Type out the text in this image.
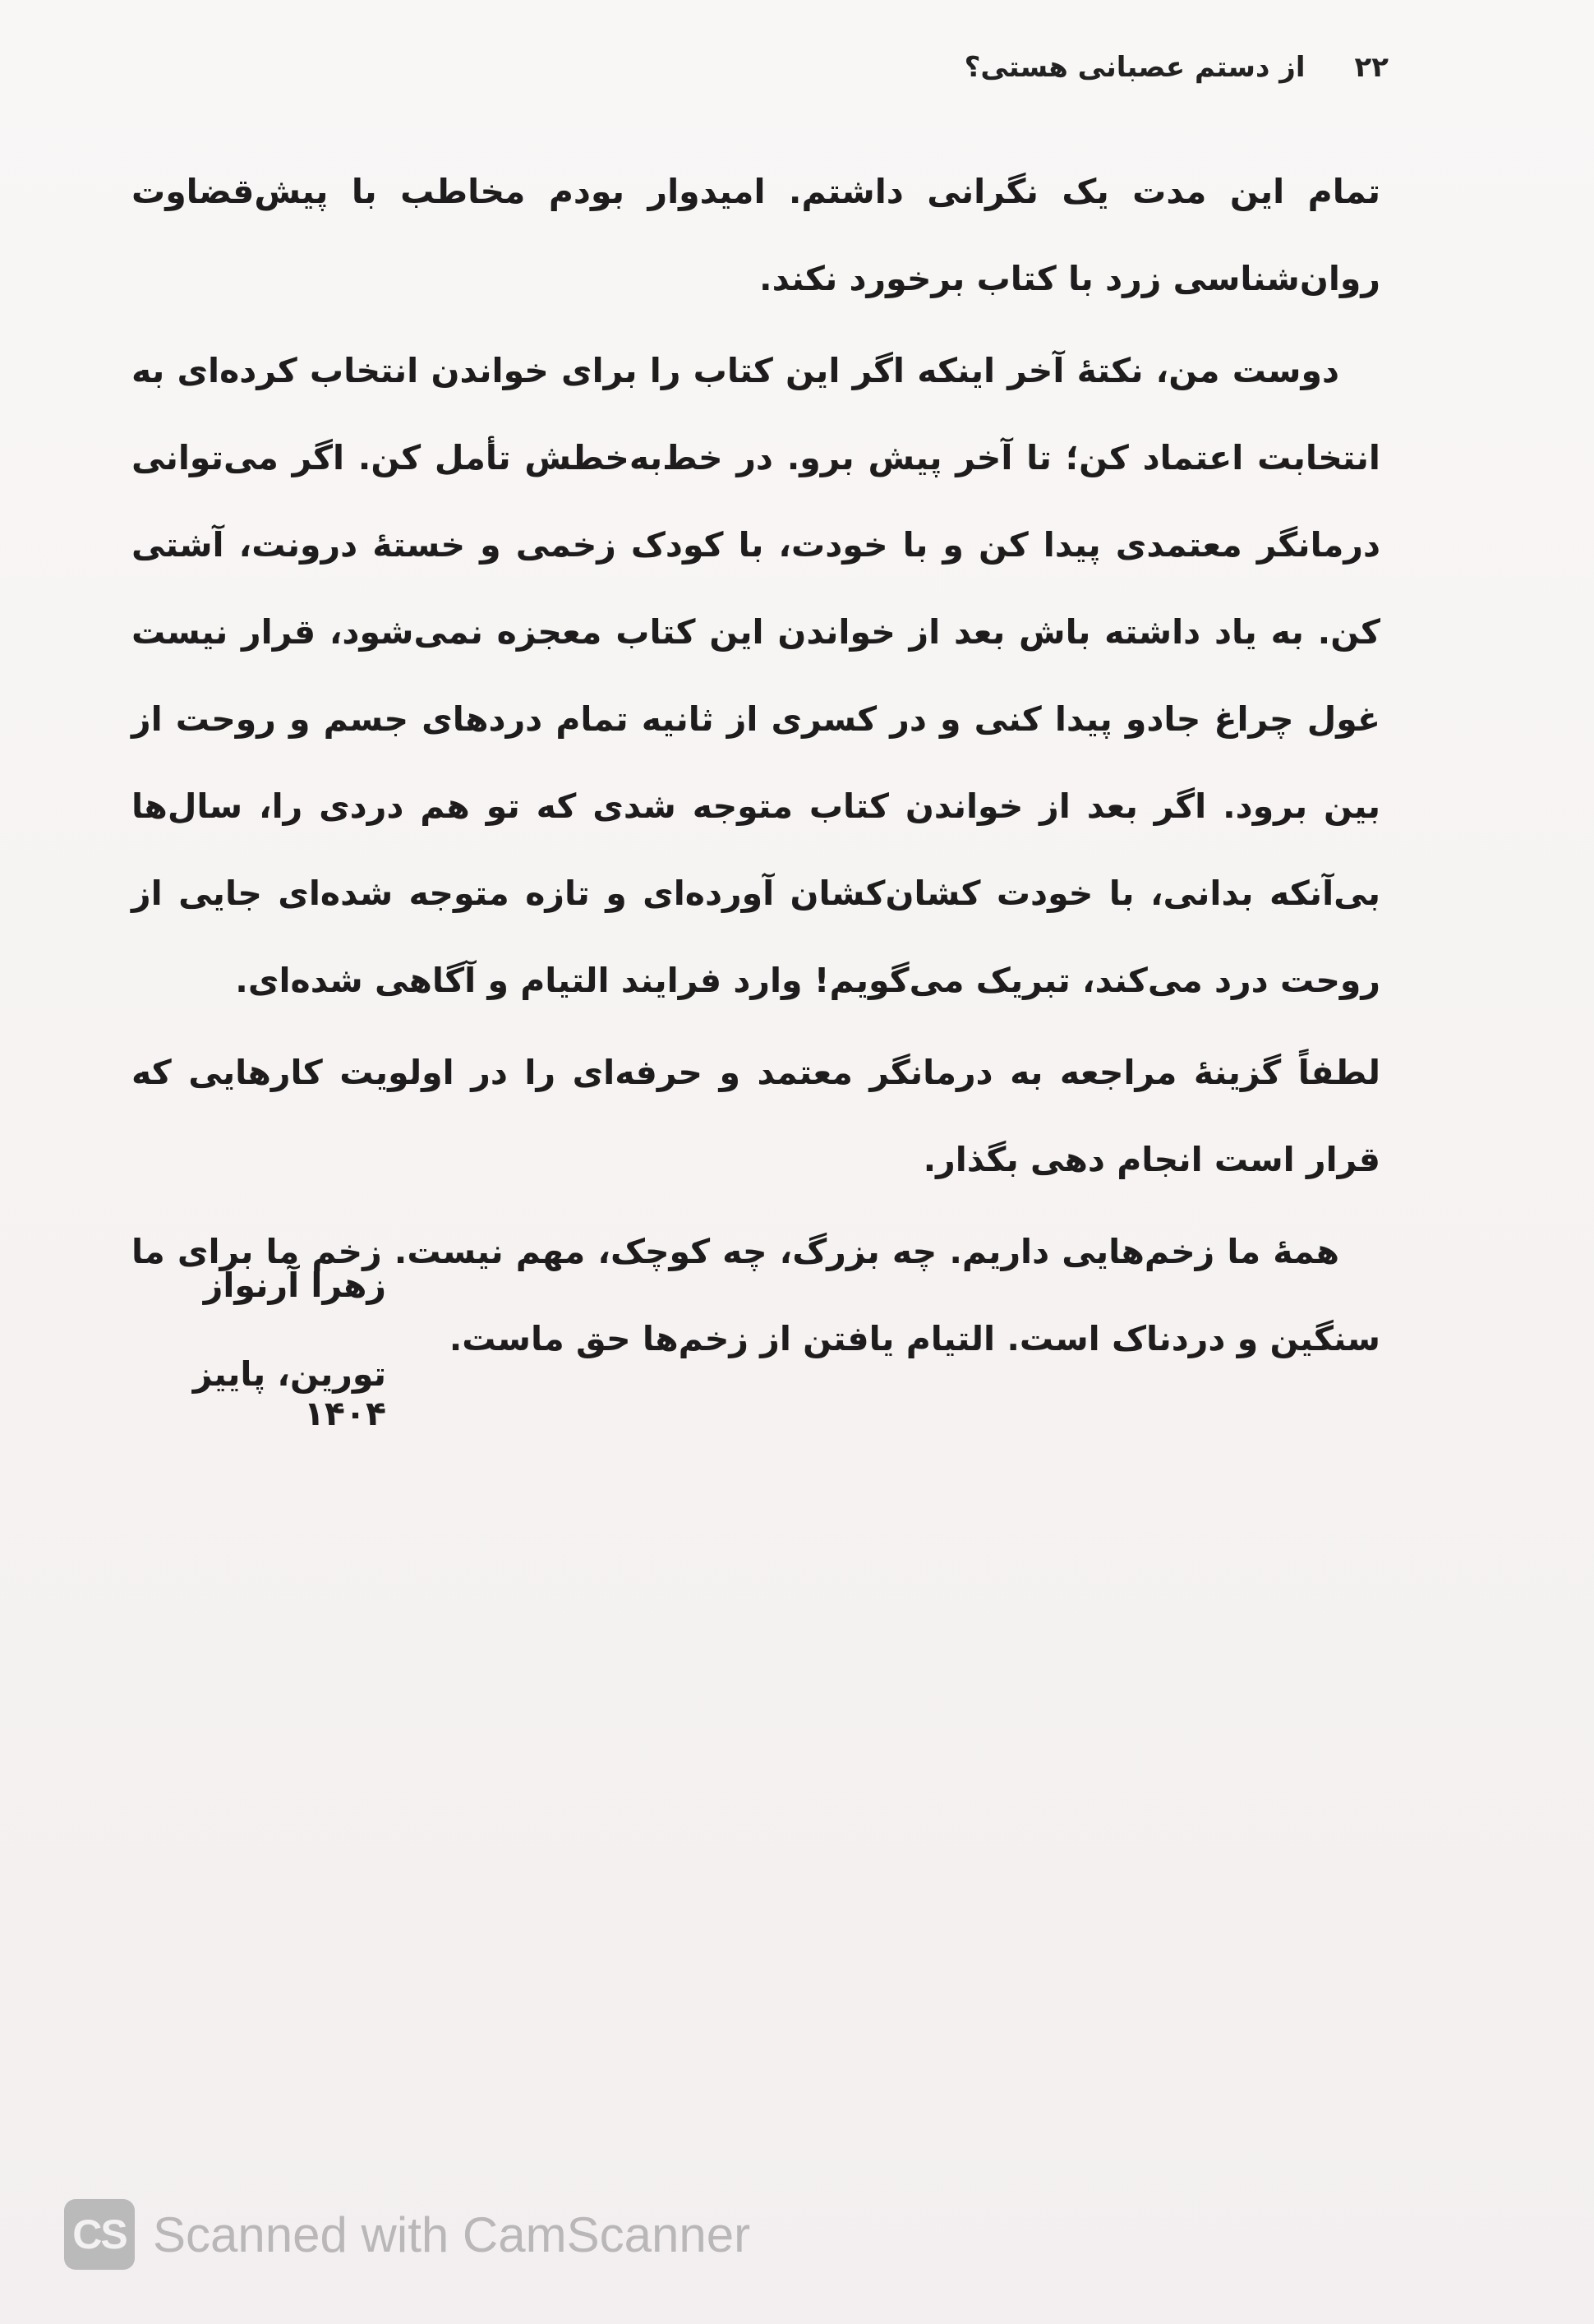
۲۲
از دستم عصبانی هستی؟

تمام این مدت یک نگرانی داشتم. امیدوار بودم مخاطب با پیش‌قضاوت روان‌شناسی زرد با کتاب برخورد نکند.

دوست من، نکتهٔ آخر اینکه اگر این کتاب را برای خواندن انتخاب کرده‌ای به انتخابت اعتماد کن؛ تا آخر پیش برو. در خط‌به‌خطش تأمل کن. اگر می‌توانی درمانگر معتمدی پیدا کن و با خودت، با کودک زخمی و خستهٔ درونت، آشتی کن. به یاد داشته باش بعد از خواندن این کتاب معجزه نمی‌شود، قرار نیست غول چراغ جادو پیدا کنی و در کسری از ثانیه تمام دردهای جسم و روحت از بین برود. اگر بعد از خواندن کتاب متوجه شدی که تو هم دردی را، سال‌ها بی‌آنکه بدانی، با خودت کشان‌کشان آورده‌ای و تازه متوجه شده‌ای جایی از روحت درد می‌کند، تبریک می‌گویم! وارد فرایند التیام و آگاهی شده‌ای.

لطفاً گزینهٔ مراجعه به درمانگر معتمد و حرفه‌ای را در اولویت کارهایی که قرار است انجام دهی بگذار.

همهٔ ما زخم‌هایی داریم. چه بزرگ، چه کوچک، مهم نیست. زخم ما برای ما سنگین و دردناک است. التیام یافتن از زخم‌ها حق ماست.

زهرا آرنواز
تورین، پاییز ۱۴۰۴
CS Scanned with CamScanner
